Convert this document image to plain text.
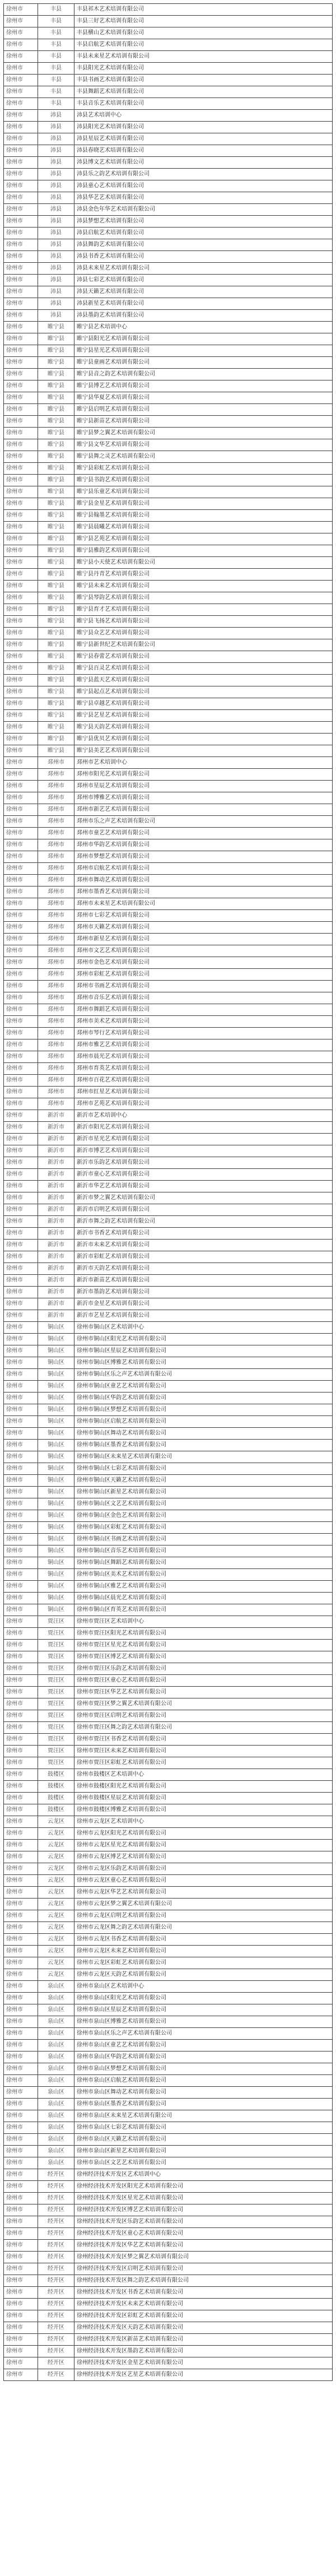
徐州市	丰县	丰县祁木艺术培训有限公司
徐州市	丰县	丰县三好艺术培训有限公司
徐州市	丰县	丰县横山艺术培训有限公司
徐州市	丰县	丰县启航艺术培训有限公司
徐州市	丰县	丰县未来星艺术培训有限公司
徐州市	丰县	丰县阳光艺术培训有限公司
徐州市	丰县	丰县书画艺术培训有限公司
徐州市	丰县	丰县舞蹈艺术培训有限公司
徐州市	丰县	丰县音乐艺术培训有限公司
徐州市	沛县	沛县艺术培训中心
徐州市	沛县	沛县阳光艺术培训有限公司
徐州市	沛县	沛县星辰艺术培训有限公司
徐州市	沛县	沛县春晓艺术培训有限公司
徐州市	沛县	沛县博文艺术培训有限公司
徐州市	沛县	沛县乐之韵艺术培训有限公司
徐州市	沛县	沛县童心艺术培训有限公司
徐州市	沛县	沛县华艺艺术培训有限公司
徐州市	沛县	沛县金色年华艺术培训有限公司
徐州市	沛县	沛县梦想艺术培训有限公司
徐州市	沛县	沛县启航艺术培训有限公司
徐州市	沛县	沛县舞韵艺术培训有限公司
徐州市	沛县	沛县书香艺术培训有限公司
徐州市	沛县	沛县未来星艺术培训有限公司
徐州市	沛县	沛县七彩艺术培训有限公司
徐州市	沛县	沛县天籁艺术培训有限公司
徐州市	沛县	沛县新星艺术培训有限公司
徐州市	沛县	沛县墨韵艺术培训有限公司
徐州市	睢宁县	睢宁县艺术培训中心
徐州市	睢宁县	睢宁县阳光艺术培训有限公司
徐州市	睢宁县	睢宁县星光艺术培训有限公司
徐州市	睢宁县	睢宁县童画艺术培训有限公司
徐州市	睢宁县	睢宁县音之韵艺术培训有限公司
徐州市	睢宁县	睢宁县博艺艺术培训有限公司
徐州市	睢宁县	睢宁县华夏艺术培训有限公司
徐州市	睢宁县	睢宁县启明艺术培训有限公司
徐州市	睢宁县	睢宁县新苗艺术培训有限公司
徐州市	睢宁县	睢宁县梦之翼艺术培训有限公司
徐州市	睢宁县	睢宁县文华艺术培训有限公司
徐州市	睢宁县	睢宁县舞之灵艺术培训有限公司
徐州市	睢宁县	睢宁县彩虹艺术培训有限公司
徐州市	睢宁县	睢宁县书韵艺术培训有限公司
徐州市	睢宁县	睢宁县乐童艺术培训有限公司
徐州市	睢宁县	睢宁县金星艺术培训有限公司
徐州市	睢宁县	睢宁县翰墨艺术培训有限公司
徐州市	睢宁县	睢宁县晨曦艺术培训有限公司
徐州市	睢宁县	睢宁县艺苑艺术培训有限公司
徐州市	睢宁县	睢宁县雅韵艺术培训有限公司
徐州市	睢宁县	睢宁县小天使艺术培训有限公司
徐州市	睢宁县	睢宁县丹青艺术培训有限公司
徐州市	睢宁县	睢宁县未来艺术培训有限公司
徐州市	睢宁县	睢宁县琴韵艺术培训有限公司
徐州市	睢宁县	睢宁县育才艺术培训有限公司
徐州市	睢宁县	睢宁县飞扬艺术培训有限公司
徐州市	睢宁县	睢宁县众艺艺术培训有限公司
徐州市	睢宁县	睢宁县新世纪艺术培训有限公司
徐州市	睢宁县	睢宁县春蕾艺术培训有限公司
徐州市	睢宁县	睢宁县百灵艺术培训有限公司
徐州市	睢宁县	睢宁县蓝天艺术培训有限公司
徐州市	睢宁县	睢宁县起点艺术培训有限公司
徐州市	睢宁县	睢宁县卓越艺术培训有限公司
徐州市	睢宁县	睢宁县艺星艺术培训有限公司
徐州市	睢宁县	睢宁县天韵艺术培训有限公司
徐州市	睢宁县	睢宁县优贝艺术培训有限公司
徐州市	睢宁县	睢宁县美艺艺术培训有限公司
徐州市	邳州市	邳州市艺术培训中心
徐州市	邳州市	邳州市阳光艺术培训有限公司
徐州市	邳州市	邳州市星辰艺术培训有限公司
徐州市	邳州市	邳州市博雅艺术培训有限公司
徐州市	邳州市	邳州市新艺艺术培训有限公司
徐州市	邳州市	邳州市乐之声艺术培训有限公司
徐州市	邳州市	邳州市童艺艺术培训有限公司
徐州市	邳州市	邳州市华韵艺术培训有限公司
徐州市	邳州市	邳州市梦想艺术培训有限公司
徐州市	邳州市	邳州市启航艺术培训有限公司
徐州市	邳州市	邳州市舞动艺术培训有限公司
徐州市	邳州市	邳州市墨香艺术培训有限公司
徐州市	邳州市	邳州市未来星艺术培训有限公司
徐州市	邳州市	邳州市七彩艺术培训有限公司
徐州市	邳州市	邳州市天籁艺术培训有限公司
徐州市	邳州市	邳州市新星艺术培训有限公司
徐州市	邳州市	邳州市文艺艺术培训有限公司
徐州市	邳州市	邳州市金色艺术培训有限公司
徐州市	邳州市	邳州市彩虹艺术培训有限公司
徐州市	邳州市	邳州市书画艺术培训有限公司
徐州市	邳州市	邳州市音乐艺术培训有限公司
徐州市	邳州市	邳州市舞蹈艺术培训有限公司
徐州市	邳州市	邳州市美术艺术培训有限公司
徐州市	邳州市	邳州市琴行艺术培训有限公司
徐州市	邳州市	邳州市雅艺艺术培训有限公司
徐州市	邳州市	邳州市晨光艺术培训有限公司
徐州市	邳州市	邳州市育英艺术培训有限公司
徐州市	邳州市	邳州市百花艺术培训有限公司
徐州市	邳州市	邳州市红星艺术培训有限公司
徐州市	邳州市	邳州市艺苑艺术培训有限公司
徐州市	新沂市	新沂市艺术培训中心
徐州市	新沂市	新沂市阳光艺术培训有限公司
徐州市	新沂市	新沂市星光艺术培训有限公司
徐州市	新沂市	新沂市博艺艺术培训有限公司
徐州市	新沂市	新沂市乐韵艺术培训有限公司
徐州市	新沂市	新沂市童心艺术培训有限公司
徐州市	新沂市	新沂市华艺艺术培训有限公司
徐州市	新沂市	新沂市梦之翼艺术培训有限公司
徐州市	新沂市	新沂市启明艺术培训有限公司
徐州市	新沂市	新沂市舞之韵艺术培训有限公司
徐州市	新沂市	新沂市书香艺术培训有限公司
徐州市	新沂市	新沂市未来艺术培训有限公司
徐州市	新沂市	新沂市彩虹艺术培训有限公司
徐州市	新沂市	新沂市天韵艺术培训有限公司
徐州市	新沂市	新沂市新苗艺术培训有限公司
徐州市	新沂市	新沂市墨韵艺术培训有限公司
徐州市	新沂市	新沂市金星艺术培训有限公司
徐州市	新沂市	新沂市艺星艺术培训有限公司
徐州市	铜山区	徐州市铜山区艺术培训中心
徐州市	铜山区	徐州市铜山区阳光艺术培训有限公司
徐州市	铜山区	徐州市铜山区星辰艺术培训有限公司
徐州市	铜山区	徐州市铜山区博雅艺术培训有限公司
徐州市	铜山区	徐州市铜山区乐之声艺术培训有限公司
徐州市	铜山区	徐州市铜山区童艺艺术培训有限公司
徐州市	铜山区	徐州市铜山区华韵艺术培训有限公司
徐州市	铜山区	徐州市铜山区梦想艺术培训有限公司
徐州市	铜山区	徐州市铜山区启航艺术培训有限公司
徐州市	铜山区	徐州市铜山区舞动艺术培训有限公司
徐州市	铜山区	徐州市铜山区墨香艺术培训有限公司
徐州市	铜山区	徐州市铜山区未来星艺术培训有限公司
徐州市	铜山区	徐州市铜山区七彩艺术培训有限公司
徐州市	铜山区	徐州市铜山区天籁艺术培训有限公司
徐州市	铜山区	徐州市铜山区新星艺术培训有限公司
徐州市	铜山区	徐州市铜山区文艺艺术培训有限公司
徐州市	铜山区	徐州市铜山区金色艺术培训有限公司
徐州市	铜山区	徐州市铜山区彩虹艺术培训有限公司
徐州市	铜山区	徐州市铜山区书画艺术培训有限公司
徐州市	铜山区	徐州市铜山区音乐艺术培训有限公司
徐州市	铜山区	徐州市铜山区舞蹈艺术培训有限公司
徐州市	铜山区	徐州市铜山区美术艺术培训有限公司
徐州市	铜山区	徐州市铜山区雅艺艺术培训有限公司
徐州市	铜山区	徐州市铜山区晨光艺术培训有限公司
徐州市	铜山区	徐州市铜山区育英艺术培训有限公司
徐州市	贾汪区	徐州市贾汪区艺术培训中心
徐州市	贾汪区	徐州市贾汪区阳光艺术培训有限公司
徐州市	贾汪区	徐州市贾汪区星光艺术培训有限公司
徐州市	贾汪区	徐州市贾汪区博艺艺术培训有限公司
徐州市	贾汪区	徐州市贾汪区乐韵艺术培训有限公司
徐州市	贾汪区	徐州市贾汪区童心艺术培训有限公司
徐州市	贾汪区	徐州市贾汪区华艺艺术培训有限公司
徐州市	贾汪区	徐州市贾汪区梦之翼艺术培训有限公司
徐州市	贾汪区	徐州市贾汪区启明艺术培训有限公司
徐州市	贾汪区	徐州市贾汪区舞之韵艺术培训有限公司
徐州市	贾汪区	徐州市贾汪区书香艺术培训有限公司
徐州市	贾汪区	徐州市贾汪区未来艺术培训有限公司
徐州市	贾汪区	徐州市贾汪区彩虹艺术培训有限公司
徐州市	鼓楼区	徐州市鼓楼区艺术培训中心
徐州市	鼓楼区	徐州市鼓楼区阳光艺术培训有限公司
徐州市	鼓楼区	徐州市鼓楼区星辰艺术培训有限公司
徐州市	鼓楼区	徐州市鼓楼区博雅艺术培训有限公司
徐州市	云龙区	徐州市云龙区艺术培训中心
徐州市	云龙区	徐州市云龙区阳光艺术培训有限公司
徐州市	云龙区	徐州市云龙区星光艺术培训有限公司
徐州市	云龙区	徐州市云龙区博艺艺术培训有限公司
徐州市	云龙区	徐州市云龙区乐韵艺术培训有限公司
徐州市	云龙区	徐州市云龙区童心艺术培训有限公司
徐州市	云龙区	徐州市云龙区华艺艺术培训有限公司
徐州市	云龙区	徐州市云龙区梦之翼艺术培训有限公司
徐州市	云龙区	徐州市云龙区启明艺术培训有限公司
徐州市	云龙区	徐州市云龙区舞之韵艺术培训有限公司
徐州市	云龙区	徐州市云龙区书香艺术培训有限公司
徐州市	云龙区	徐州市云龙区未来艺术培训有限公司
徐州市	云龙区	徐州市云龙区彩虹艺术培训有限公司
徐州市	云龙区	徐州市云龙区天韵艺术培训有限公司
徐州市	泉山区	徐州市泉山区艺术培训中心
徐州市	泉山区	徐州市泉山区阳光艺术培训有限公司
徐州市	泉山区	徐州市泉山区星辰艺术培训有限公司
徐州市	泉山区	徐州市泉山区博雅艺术培训有限公司
徐州市	泉山区	徐州市泉山区乐之声艺术培训有限公司
徐州市	泉山区	徐州市泉山区童艺艺术培训有限公司
徐州市	泉山区	徐州市泉山区华韵艺术培训有限公司
徐州市	泉山区	徐州市泉山区梦想艺术培训有限公司
徐州市	泉山区	徐州市泉山区启航艺术培训有限公司
徐州市	泉山区	徐州市泉山区舞动艺术培训有限公司
徐州市	泉山区	徐州市泉山区墨香艺术培训有限公司
徐州市	泉山区	徐州市泉山区未来星艺术培训有限公司
徐州市	泉山区	徐州市泉山区七彩艺术培训有限公司
徐州市	泉山区	徐州市泉山区天籁艺术培训有限公司
徐州市	泉山区	徐州市泉山区新星艺术培训有限公司
徐州市	泉山区	徐州市泉山区文艺艺术培训有限公司
徐州市	经开区	徐州经济技术开发区艺术培训中心
徐州市	经开区	徐州经济技术开发区阳光艺术培训有限公司
徐州市	经开区	徐州经济技术开发区星光艺术培训有限公司
徐州市	经开区	徐州经济技术开发区博艺艺术培训有限公司
徐州市	经开区	徐州经济技术开发区乐韵艺术培训有限公司
徐州市	经开区	徐州经济技术开发区童心艺术培训有限公司
徐州市	经开区	徐州经济技术开发区华艺艺术培训有限公司
徐州市	经开区	徐州经济技术开发区梦之翼艺术培训有限公司
徐州市	经开区	徐州经济技术开发区启明艺术培训有限公司
徐州市	经开区	徐州经济技术开发区舞之韵艺术培训有限公司
徐州市	经开区	徐州经济技术开发区书香艺术培训有限公司
徐州市	经开区	徐州经济技术开发区未来艺术培训有限公司
徐州市	经开区	徐州经济技术开发区彩虹艺术培训有限公司
徐州市	经开区	徐州经济技术开发区天韵艺术培训有限公司
徐州市	经开区	徐州经济技术开发区新苗艺术培训有限公司
徐州市	经开区	徐州经济技术开发区墨韵艺术培训有限公司
徐州市	经开区	徐州经济技术开发区金星艺术培训有限公司
徐州市	经开区	徐州经济技术开发区艺星艺术培训有限公司
